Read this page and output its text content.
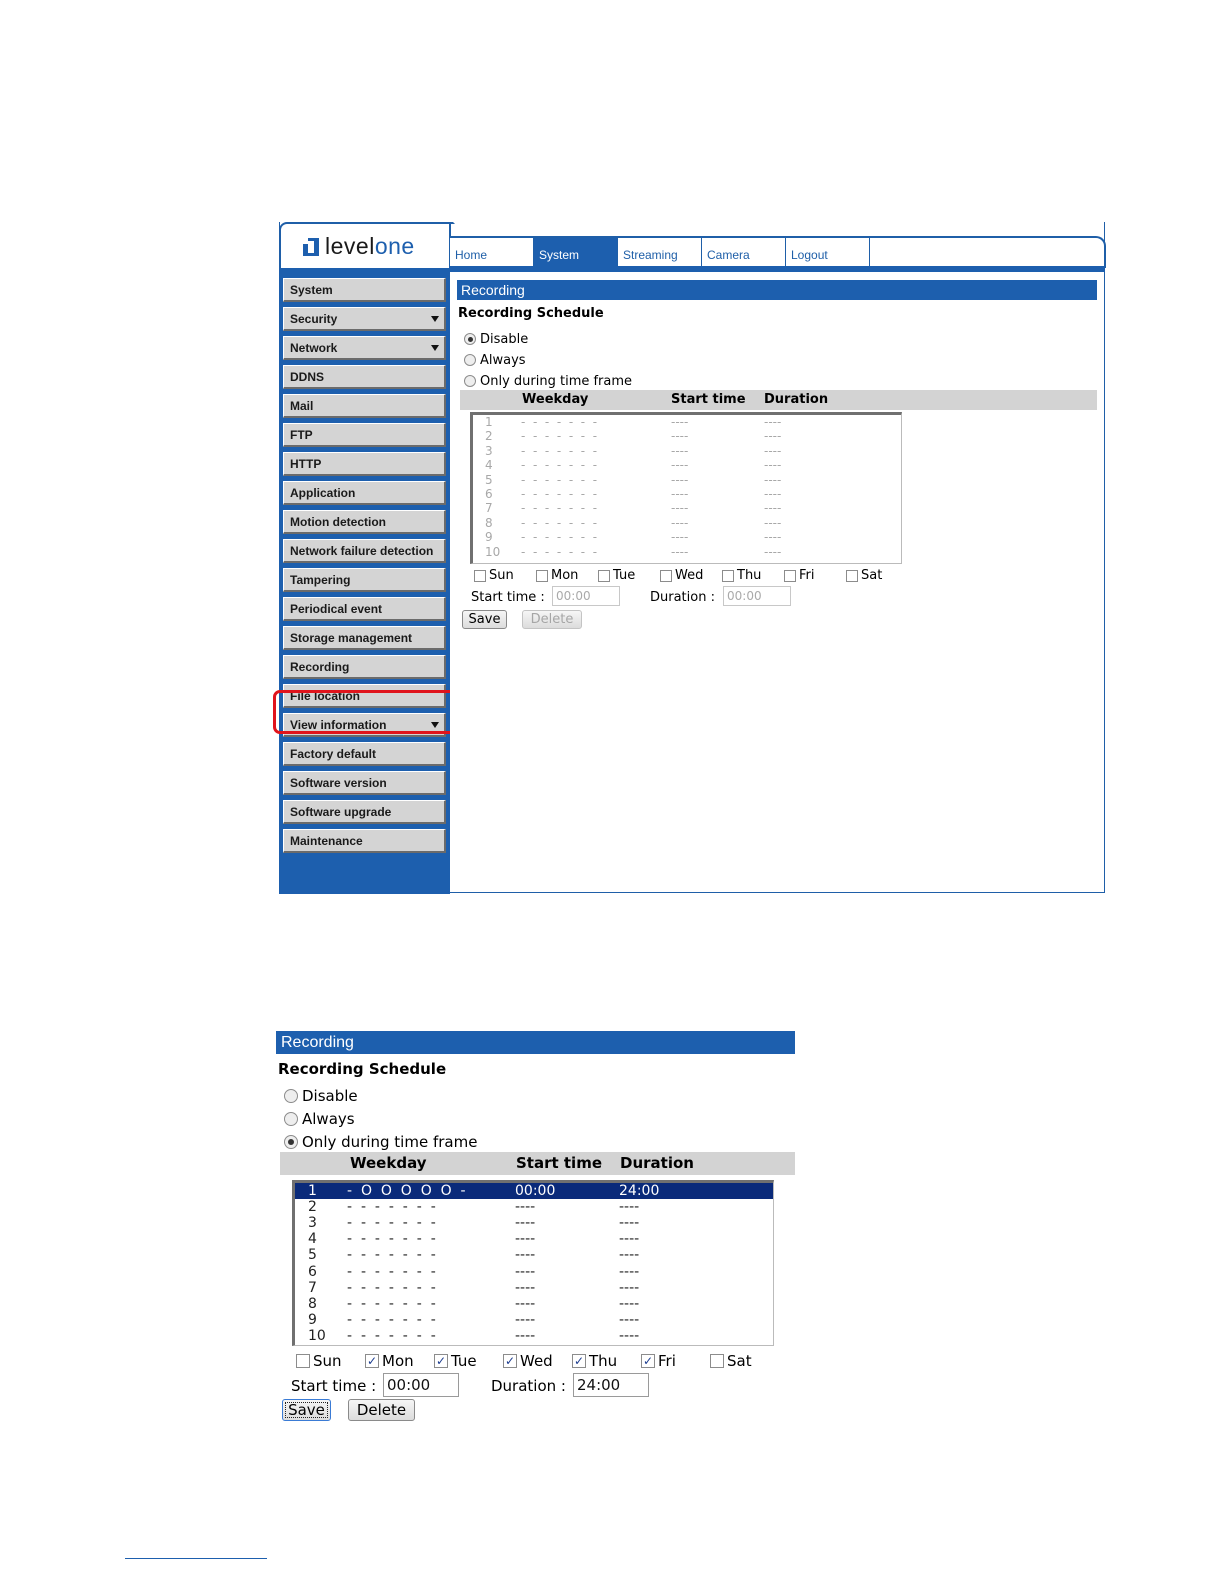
System
Security
Network
DDNS
Mail
FTP
HTTP
Application
Motion detection
Network failure detection
Tampering
Periodical event
Storage management
Recording
File location
View information
Factory default
Software version
Software upgrade
Maintenance
levelone	Home	System	Streaming	Camera	Logout
Recording
Recording Schedule
Disable
Always
Only during time frame
Weekday	Start time Duration
1 -  -  -  -  -  -  -	----	----
2 -  -  -  -  -  -  -	----	----
3 -  -  -  -  -  -  -	----	----
4 -  -  -  -  -  -  -	----	----
5 -  -  -  -  -  -  -	----	----
6 -  -  -  -  -  -  -	----	----
7 -  -  -  -  -  -  -	----	----
8 -  -  -  -  -  -  -	----	----
9 -  -  -  -  -  -  -	----	----
10 -  -  -  -  -  -  -	----	----
Sun	Mon	Tue	Wed	Thu	Fri	Sat
Start time : 00:00	Duration :	00:00
Save	Delete
Recording
Recording Schedule
Disable
Always
Only during time frame
Weekday	Start time Duration
1 -  O  O  O  O  O  -	00:00	24:00
2 -  -  -  -  -  -  -	----	----
3 -  -  -  -  -  -  -	----	----
4 -  -  -  -  -  -  -	----	----
5 -  -  -  -  -  -  -	----	----
6 -  -  -  -  -  -  -	----	----
7 -  -  -  -  -  -  -	----	----
8 -  -  -  -  -  -  -	----	----
9 -  -  -  -  -  -  -	----	----
10 -  -  -  -  -  -  -	----	----
Sun ✓ Mon ✓ Tue ✓ Wed ✓ Thu ✓ Fri	Sat
Start time : 00:00	Duration : 24:00
Save	Delete
